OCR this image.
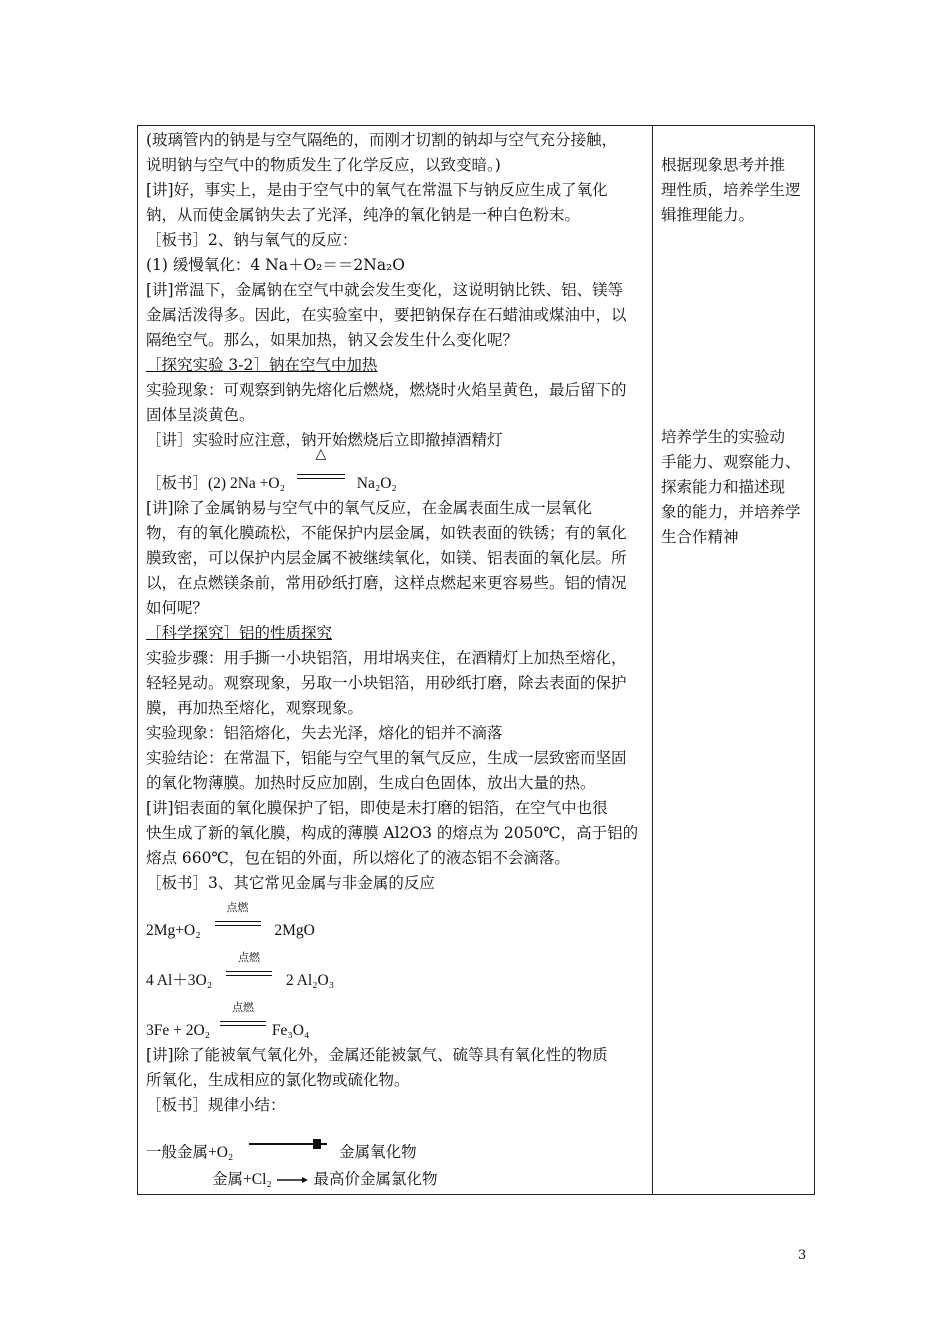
(玻璃管内的钠是与空气隔绝的，而刚才切割的钠却与空气充分接触，
说明钠与空气中的物质发生了化学反应，以致变暗。)
[讲]好，事实上，是由于空气中的氧气在常温下与钠反应生成了氧化
钠，从而使金属钠失去了光泽，纯净的氧化钠是一种白色粉末。
［板书］2、钠与氧气的反应：
(1) 缓慢氧化：4 Na＋O₂＝＝2Na₂O
[讲]常温下，金属钠在空气中就会发生变化，这说明钠比铁、铝、镁等
金属活泼得多。因此，在实验室中，要把钠保存在石蜡油或煤油中，以
隔绝空气。那么，如果加热，钠又会发生什么变化呢？
［探究实验 3-2］钠在空气中加热
实验现象：可观察到钠先熔化后燃烧，燃烧时火焰呈黄色，最后留下的
固体呈淡黄色。
［讲］实验时应注意，钠开始燃烧后立即撤掉酒精灯
［板书］(2) 2Na +O₂
△
Na₂O₂
[讲]除了金属钠易与空气中的氧气反应，在金属表面生成一层氧化
物，有的氧化膜疏松，不能保护内层金属，如铁表面的铁锈；有的氧化
膜致密，可以保护内层金属不被继续氧化，如镁、铝表面的氧化层。所
以，在点燃镁条前，常用砂纸打磨，这样点燃起来更容易些。铝的情况
如何呢？
［科学探究］铝的性质探究
实验步骤：用手撕一小块铝箔，用坩埚夹住，在酒精灯上加热至熔化，
轻轻晃动。观察现象，另取一小块铝箔，用砂纸打磨，除去表面的保护
膜，再加热至熔化，观察现象。
实验现象：铝箔熔化，失去光泽，熔化的铝并不滴落
实验结论：在常温下，铝能与空气里的氧气反应，生成一层致密而坚固
的氧化物薄膜。加热时反应加剧，生成白色固体，放出大量的热。
[讲]铝表面的氧化膜保护了铝，即使是未打磨的铝箔，在空气中也很
快生成了新的氧化膜，构成的薄膜 Al2O3 的熔点为 2050℃，高于铝的
熔点 660℃，包在铝的外面，所以熔化了的液态铝不会滴落。
［板书］3、其它常见金属与非金属的反应
2Mg+O₂
点燃
2MgO
4 Al＋3O₂
点燃
2 Al₂O₃
3Fe + 2O₂
点燃
Fe₃O₄
[讲]除了能被氧气氧化外，金属还能被氯气、硫等具有氧化性的物质
所氧化，生成相应的氯化物或硫化物。
［板书］规律小结：
一般金属+O₂	金属氧化物
金属+Cl₂	最高价金属氯化物
根据现象思考并推
理性质，培养学生逻
辑推理能力。
培养学生的实验动
手能力、观察能力、
探索能力和描述现
象的能力，并培养学
生合作精神
3
